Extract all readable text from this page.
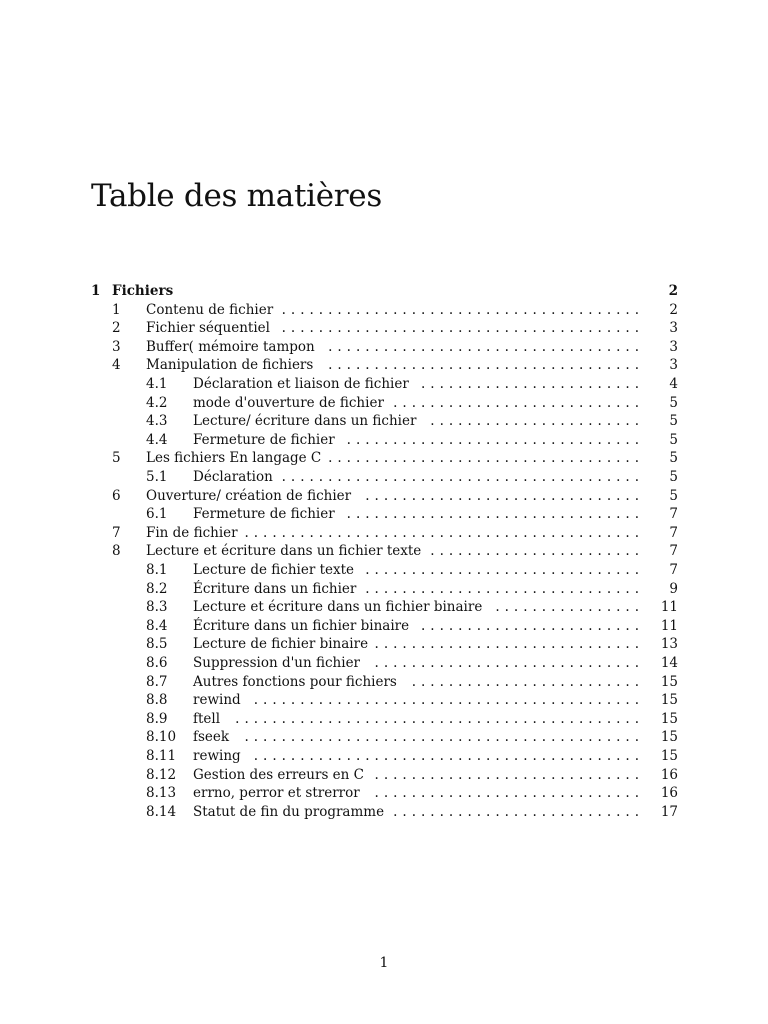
Table des matières
1 Fichiers	2
1 Contenu de fichier ....................................... 2
2 Fichier séquentiel ....................................... 3
3 Buffer( mémoire tampon .................................. 3
4 Manipulation de fichiers	.................................. 3
4.1 Déclaration et liaison de fichier ........................ 4
4.2 mode d'ouverture de fichier ........................... 5
4.3 Lecture/ écriture dans un fichier	....................... 5
4.4 Fermeture de fichier ................................ 5
5 Les fichiers En langage C .................................. 5
5.1 Déclaration ....................................... 5
6 Ouverture/ création de fichier	.............................. 5
6.1 Fermeture de fichier ................................ 7
7 Fin de fichier ........................................... 7
8 Lecture et écriture dans un fichier texte ....................... 7
8.1 Lecture de fichier texte .............................. 7
8.2 Écriture dans un fichier .............................. 9
8.3 Lecture et écriture dans un fichier binaire ................ 11
8.4 Écriture dans un fichier binaire ........................ 11
8.5 Lecture de fichier binaire ............................. 13
8.6 Suppression d'un fichier	............................. 14
8.7 Autres fonctions pour fichiers	......................... 15
8.8 rewind .......................................... 15
8.9 ftell	............................................ 15
8.10 fseek	........................................... 15
8.11 rewing .......................................... 15
8.12 Gestion des erreurs en C ............................. 16
8.13 errno, perror et strerror	............................. 16
8.14 Statut de fin du programme ........................... 17
1
